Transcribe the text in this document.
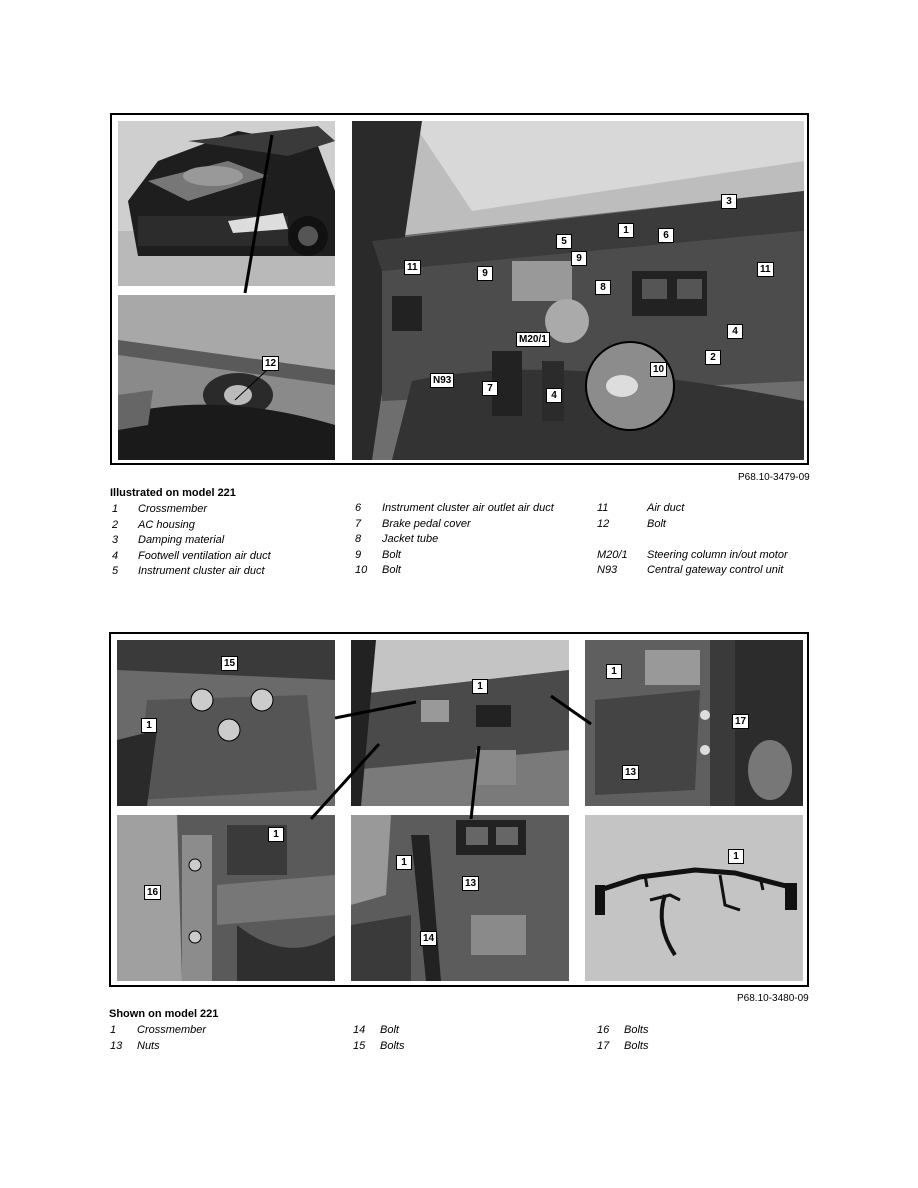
12
3
1
5
6
11	11
9
9
8
4
M20/1
2
N93
7
4
10
P68.10-3479-09
Illustrated on model 221
1 Crossmember
2 AC housing
3 Damping material
4 Footwell ventilation air duct
5 Instrument cluster air duct
6 Instrument cluster air outlet air duct
7 Brake pedal cover
8 Jacket tube
9 Bolt
10 Bolt
11	Air duct
12	Bolt
M20/1 Steering column in/out motor
N93	Central gateway control unit
15
1
1
1
17
13
1
16
1
13
14
1
P68.10-3480-09
Shown on model 221
1 Crossmember
13 Nuts
14 Bolt
15 Bolts
16 Bolts
17 Bolts
